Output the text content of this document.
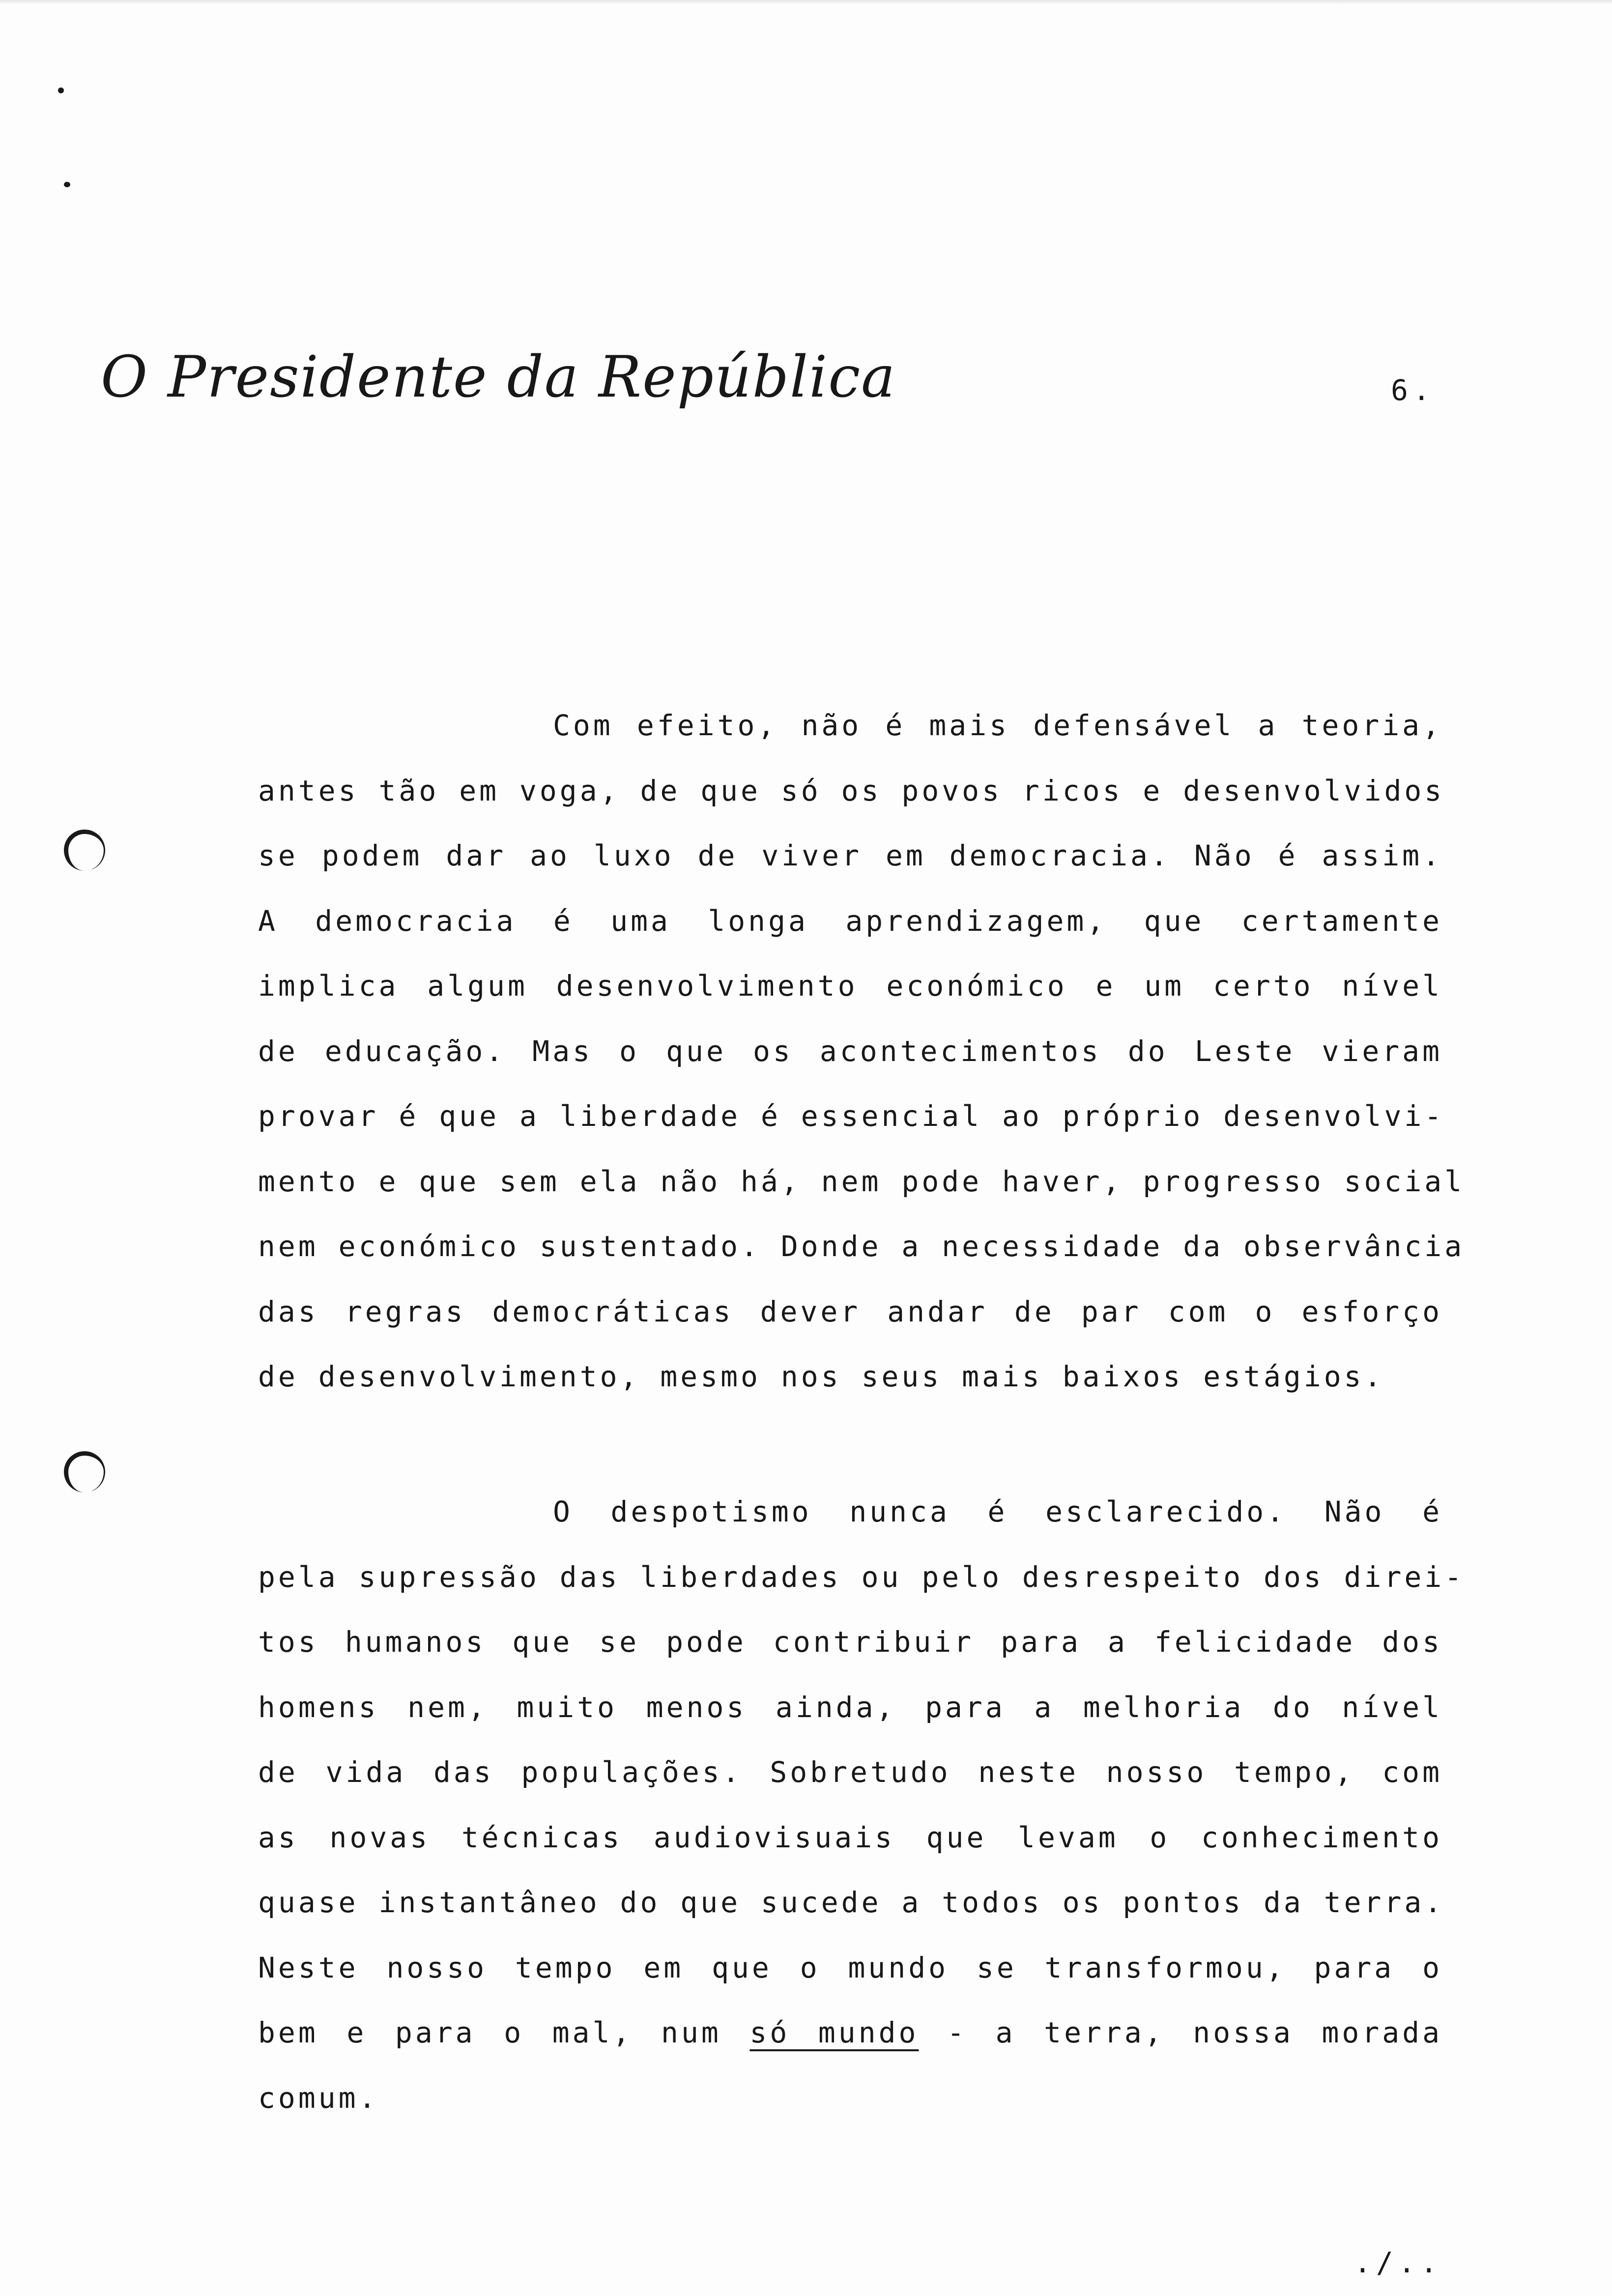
O Presidente da República	6.
Com efeito, não é mais defensável a teoria,
antes tão em voga, de que só os povos ricos e desenvolvidos
se podem dar ao luxo de viver em democracia. Não é assim.
A democracia é uma longa aprendizagem, que certamente
implica algum desenvolvimento económico e um certo nível
de educação. Mas o que os acontecimentos do Leste vieram
provar é que a liberdade é essencial ao próprio desenvolvi-
mento e que sem ela não há, nem pode haver, progresso social
nem económico sustentado. Donde a necessidade da observância
das regras democráticas dever andar de par com o esforço
de desenvolvimento, mesmo nos seus mais baixos estágios.
O despotismo nunca é esclarecido. Não é
pela supressão das liberdades ou pelo desrespeito dos direi-
tos humanos que se pode contribuir para a felicidade dos
homens nem, muito menos ainda, para a melhoria do nível
de vida das populações. Sobretudo neste nosso tempo, com
as novas técnicas audiovisuais que levam o conhecimento
quase instantâneo do que sucede a todos os pontos da terra.
Neste nosso tempo em que o mundo se transformou, para o
bem e para o mal, num só mundo - a terra, nossa morada
comum.
./..
